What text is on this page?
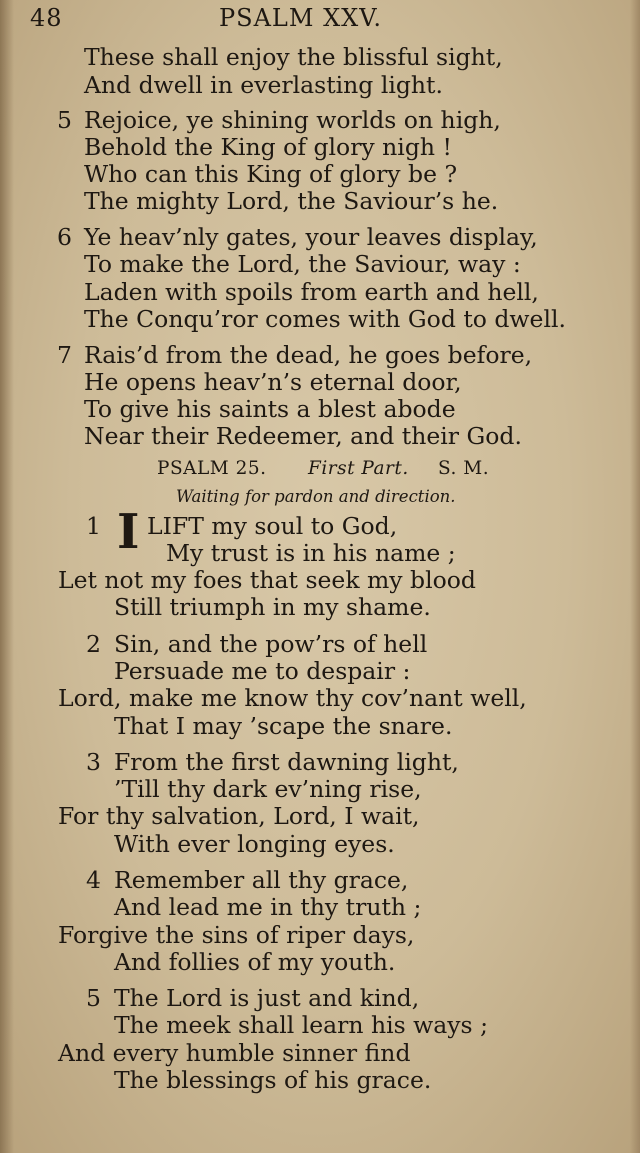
48	PSALM XXV.
These shall enjoy the blissful sight,
And dwell in everlasting light.
5 Rejoice, ye shining worlds on high,
Behold the King of glory nigh !
Who can this King of glory be ?
The mighty Lord, the Saviour’s he.
6 Ye heav’nly gates, your leaves display,
To make the Lord, the Saviour, way :
Laden with spoils from earth and hell,
The Conqu’ror comes with God to dwell.
7 Rais’d from the dead, he goes before,
He opens heav’n’s eternal door,
To give his saints a blest abode
Near their Redeemer, and their God.
PSALM 25. First Part. S. M.
Waiting for pardon and direction.
1 I LIFT my soul to God,
My trust is in his name ;
Let not my foes that seek my blood
Still triumph in my shame.
2 Sin, and the pow’rs of hell
Persuade me to despair :
Lord, make me know thy cov’nant well,
That I may ’scape the snare.
3 From the first dawning light,
’Till thy dark ev’ning rise,
For thy salvation, Lord, I wait,
With ever longing eyes.
4 Remember all thy grace,
And lead me in thy truth ;
Forgive the sins of riper days,
And follies of my youth.
5 The Lord is just and kind,
The meek shall learn his ways ;
And every humble sinner find
The blessings of his grace.
